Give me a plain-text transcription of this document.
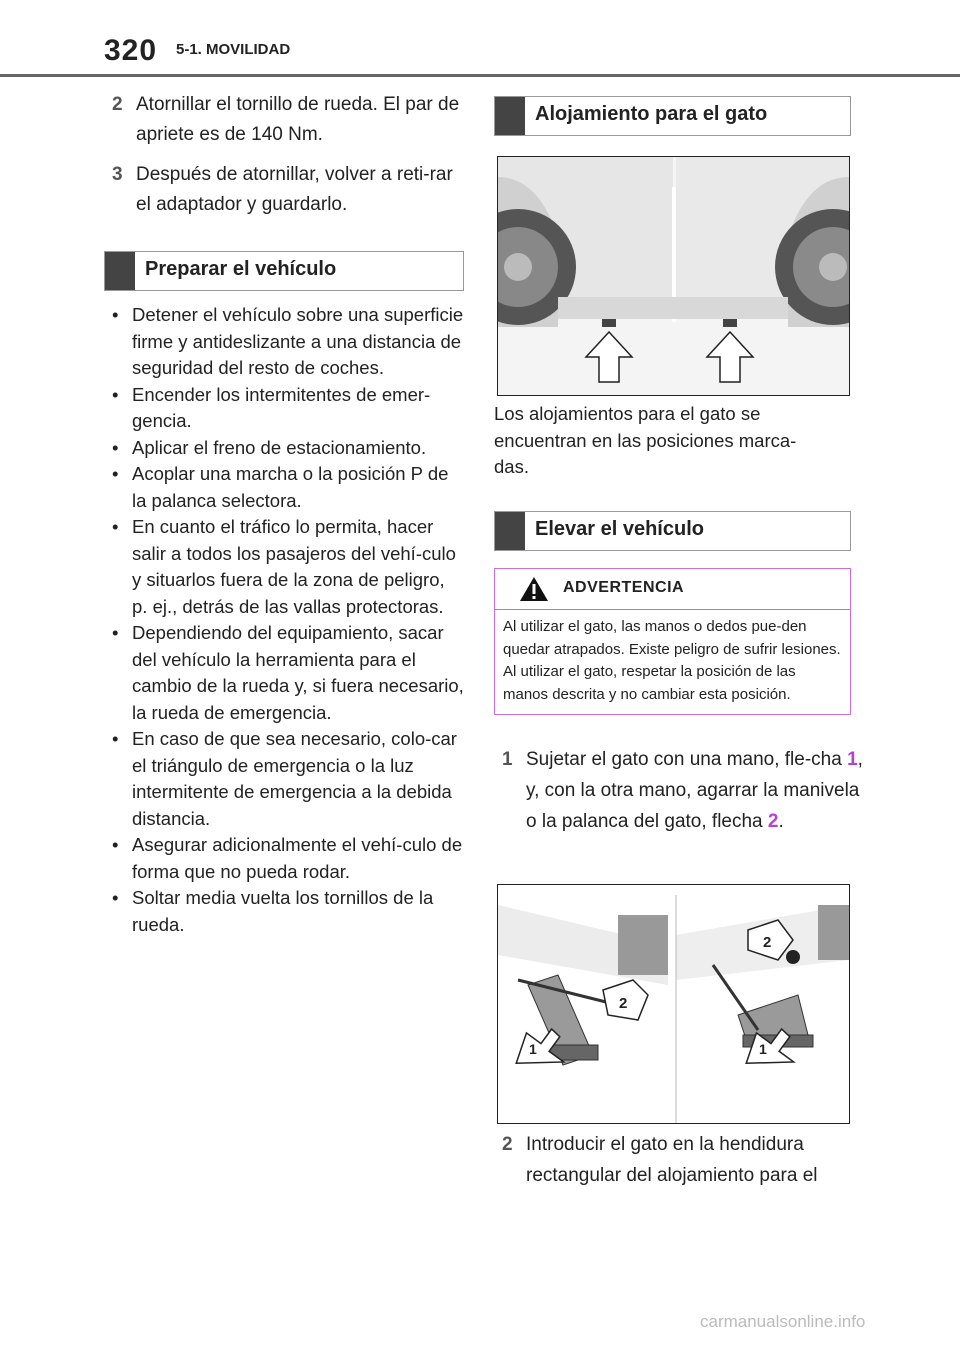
320 5-1. MOVILIDAD
2 Atornillar el tornillo de rueda. El par de apriete es de 140 Nm.
3 Después de atornillar, volver a reti-rar el adaptador y guardarlo.
Preparar el vehículo
• Detener el vehículo sobre una superficie firme y antideslizante a una distancia de seguridad del resto de coches.
• Encender los intermitentes de emer-gencia.
• Aplicar el freno de estacionamiento.
• Acoplar una marcha o la posición P de la palanca selectora.
• En cuanto el tráfico lo permita, hacer salir a todos los pasajeros del vehí-culo y situarlos fuera de la zona de peligro, p. ej., detrás de las vallas protectoras.
• Dependiendo del equipamiento, sacar del vehículo la herramienta para el cambio de la rueda y, si fuera necesario, la rueda de emergencia.
• En caso de que sea necesario, colo-car el triángulo de emergencia o la luz intermitente de emergencia a la debida distancia.
• Asegurar adicionalmente el vehí-culo de forma que no pueda rodar.
• Soltar media vuelta los tornillos de la rueda.
Alojamiento para el gato
Los alojamientos para el gato se encuentran en las posiciones marca-das.
Elevar el vehículo
ADVERTENCIA
Al utilizar el gato, las manos o dedos pue-den quedar atrapados. Existe peligro de sufrir lesiones. Al utilizar el gato, respetar la posición de las manos descrita y no cambiar esta posición.
1 Sujetar el gato con una mano, fle-cha 1, y, con la otra mano, agarrar la manivela o la palanca del gato, flecha 2.
1
2
2
1
2 Introducir el gato en la hendidura rectangular del alojamiento para el
carmanualsonline.info
